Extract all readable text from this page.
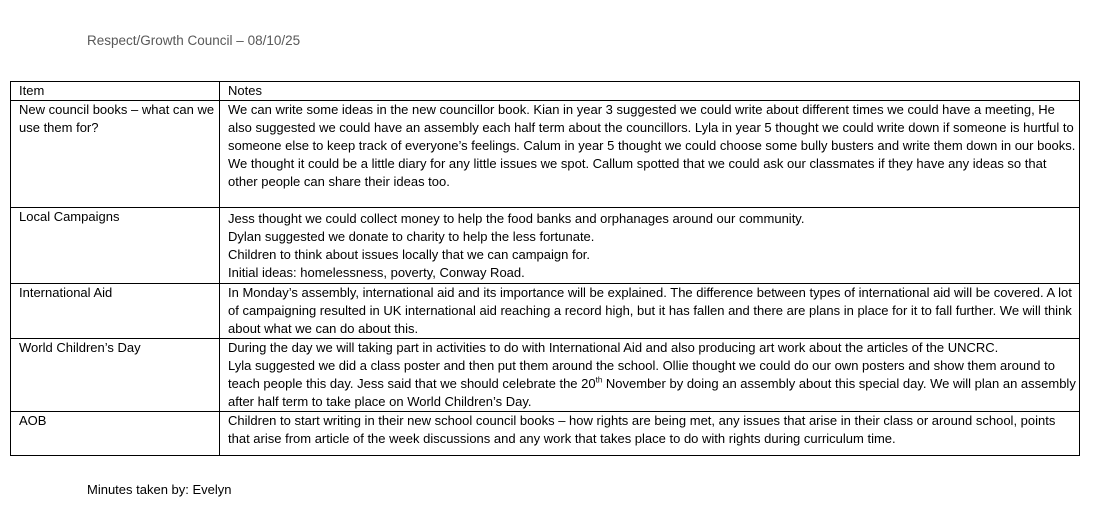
Respect/Growth Council – 08/10/25
Item	Notes
New council books – what can we use them for?	We can write some ideas in the new councillor book. Kian in year 3 suggested we could write about different times we could have a meeting, He also suggested we could have an assembly each half term about the councillors. Lyla in year 5 thought we could write down if someone is hurtful to someone else to keep track of everyone’s feelings. Calum in year 5 thought we could choose some bully busters and write them down in our books. We thought it could be a little diary for any little issues we spot. Callum spotted that we could ask our classmates if they have any ideas so that other people can share their ideas too.
Local Campaigns	Jess thought we could collect money to help the food banks and orphanages around our community.
Dylan suggested we donate to charity to help the less fortunate.
Children to think about issues locally that we can campaign for.
Initial ideas: homelessness, poverty, Conway Road.

International Aid	In Monday’s assembly, international aid and its importance will be explained. The difference between types of international aid will be covered. A lot of campaigning resulted in UK international aid reaching a record high, but it has fallen and there are plans in place for it to fall further. We will think about what we can do about this.
World Children’s Day	During the day we will taking part in activities to do with International Aid and also producing art work about the articles of the UNCRC.
Lyla suggested we did a class poster and then put them around the school. Ollie thought we could do our own posters and show them around to teach people this day. Jess said that we should celebrate the 20th November by doing an assembly about this special day. We will plan an assembly after half term to take place on World Children’s Day.
AOB	Children to start writing in their new school council books – how rights are being met, any issues that arise in their class or around school, points that arise from article of the week discussions and any work that takes place to do with rights during curriculum time.
Minutes taken by: Evelyn
